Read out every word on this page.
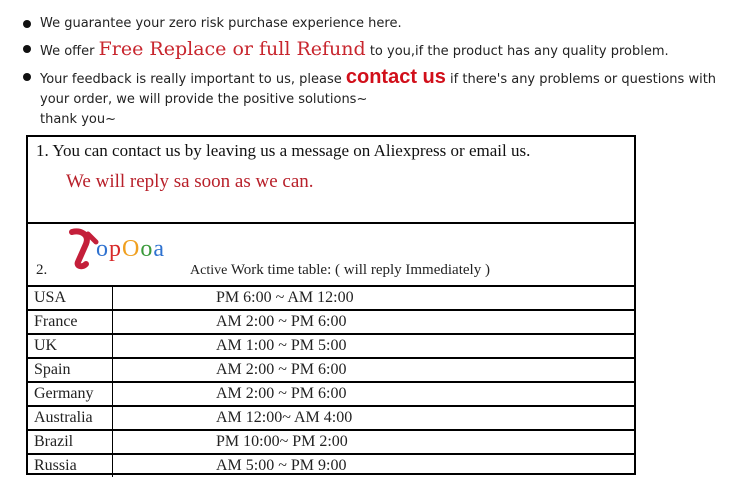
We guarantee your zero risk purchase experience here.
We offer Free Replace or full Refund to you,if the product has any quality problem.
Your feedback is really important to us, please contact us if there's any problems or questions with your order, we will provide the positive solutions~
thank you~
1. You can contact us by leaving us a message on Aliexpress or email us.
We will reply sa soon as we can.
2.
opOoa
Active Work time table: ( will reply Immediately )
USA	PM 6:00 ~ AM 12:00
France	AM 2:00 ~ PM 6:00
UK	AM 1:00 ~ PM 5:00
Spain	AM 2:00 ~ PM 6:00
Germany	AM 2:00 ~ PM 6:00
Australia	AM 12:00~ AM 4:00
Brazil	PM 10:00~ PM 2:00
Russia	AM 5:00 ~ PM 9:00
